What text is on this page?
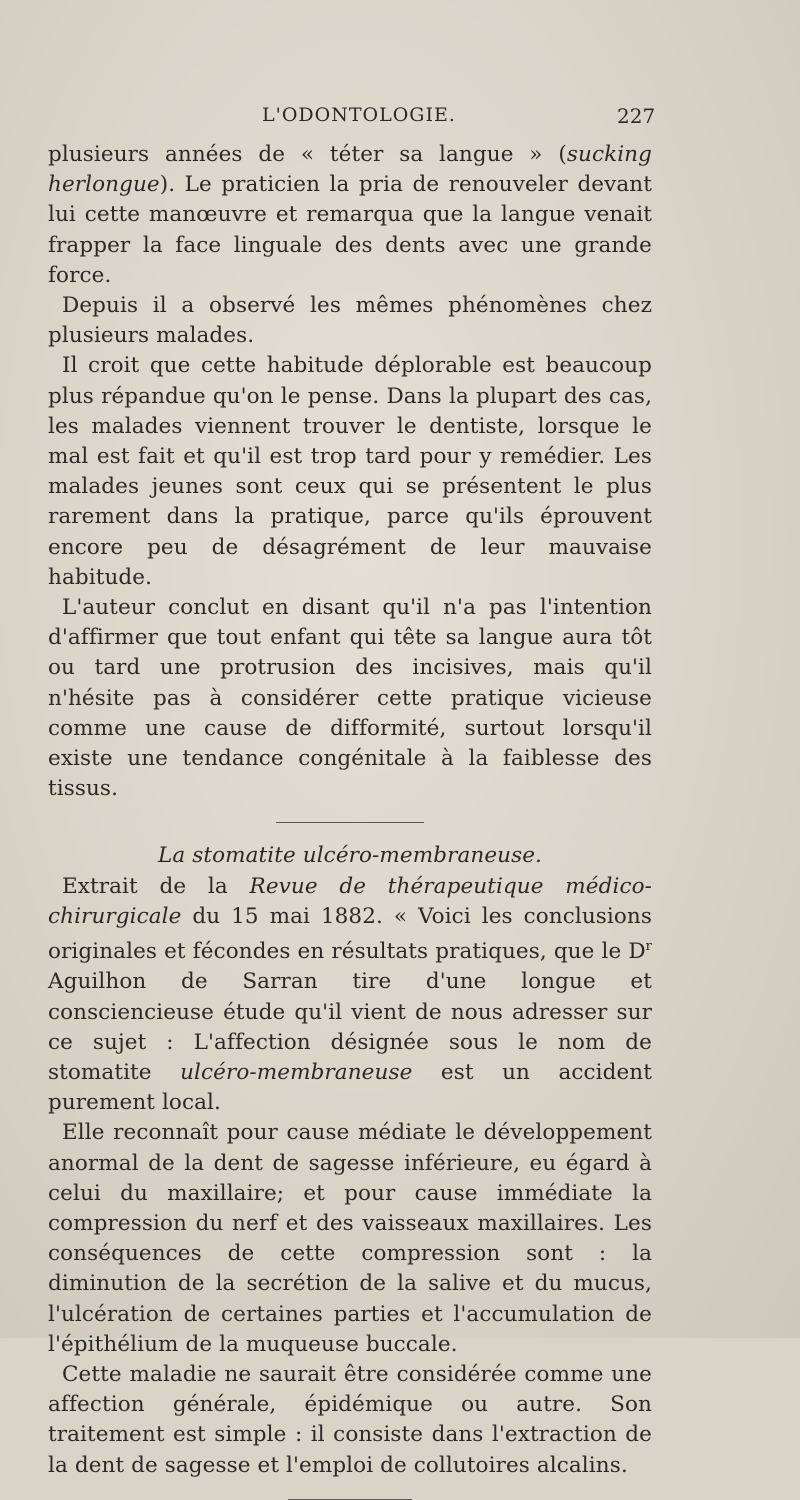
L'ODONTOLOGIE.	227

plusieurs années de « téter sa langue » (sucking herlongue). Le praticien la pria de renouveler devant lui cette manœuvre et remarqua que la langue venait frapper la face linguale des dents avec une grande force.

Depuis il a observé les mêmes phénomènes chez plusieurs malades.

Il croit que cette habitude déplorable est beaucoup plus répandue qu'on le pense. Dans la plupart des cas, les malades viennent trouver le dentiste, lorsque le mal est fait et qu'il est trop tard pour y remédier. Les malades jeunes sont ceux qui se présentent le plus rarement dans la pratique, parce qu'ils éprouvent encore peu de désagrément de leur mauvaise habitude.

L'auteur conclut en disant qu'il n'a pas l'intention d'affirmer que tout enfant qui tête sa langue aura tôt ou tard une protrusion des incisives, mais qu'il n'hésite pas à considérer cette pratique vicieuse comme une cause de difformité, surtout lorsqu'il existe une tendance congénitale à la faiblesse des tissus.

La stomatite ulcéro-membraneuse.

Extrait de la Revue de thérapeutique médico-chirurgicale du 15 mai 1882. « Voici les conclusions originales et fécondes en résultats pratiques, que le $D^r$ Aguilhon de Sarran tire d'une longue et consciencieuse étude qu'il vient de nous adresser sur ce sujet : L'affection désignée sous le nom de stomatite ulcéro-membraneuse est un accident purement local.

Elle reconnaît pour cause médiate le développement anormal de la dent de sagesse inférieure, eu égard à celui du maxillaire; et pour cause immédiate la compression du nerf et des vaisseaux maxillaires. Les conséquences de cette compression sont : la diminution de la secrétion de la salive et du mucus, l'ulcération de certaines parties et l'accumulation de l'épithélium de la muqueuse buccale.

Cette maladie ne saurait être considérée comme une affection générale, épidémique ou autre. Son traitement est simple : il consiste dans l'extraction de la dent de sagesse et l'emploi de collutoires alcalins.
